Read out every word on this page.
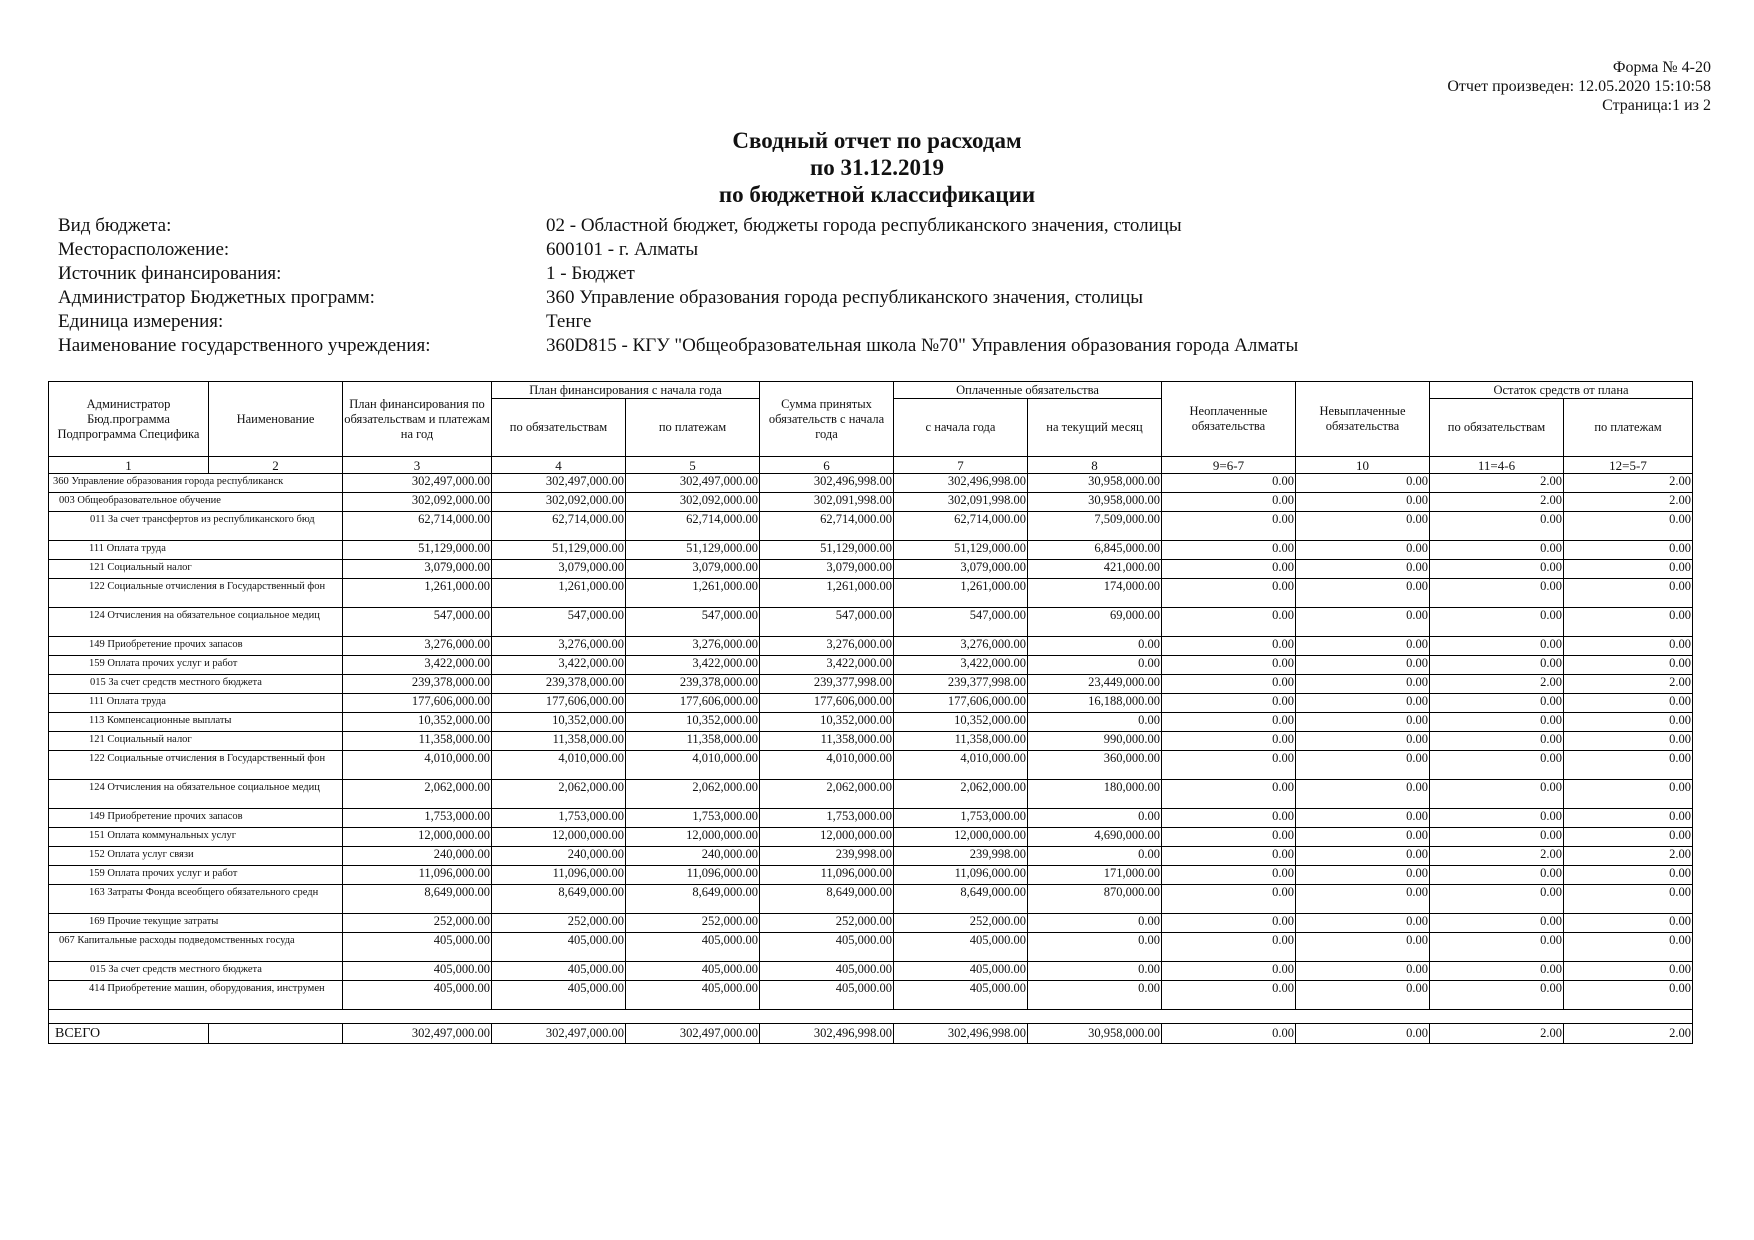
Форма № 4-20
Отчет произведен: 12.05.2020 15:10:58
Страница:1 из 2
Сводный отчет по расходам
по 31.12.2019
по бюджетной классификации
Вид бюджета:	02 - Областной бюджет, бюджеты города республиканского значения, столицы
Месторасположение:	600101 - г. Алматы
Источник финансирования:	1 - Бюджет
Администратор Бюджетных программ:	360 Управление образования города республиканского значения, столицы
Единица измерения:	Тенге
Наименование государственного учреждения:	360D815 - КГУ "Общеобразовательная школа №70" Управления образования города Алматы
Администратор Бюд.программа Подпрограмма Специфика	Наименование	План финансирования по обязательствам и платежам на год	План финансирования с начала года		Сумма принятых обязательств с начала года	Оплаченные обязательства		Неоплаченные обязательства	Невыплаченные обязательства	Остаток средств от плана	
			по обязательствам	по платежам		с начала года	на текущий месяц			по обязательствам	по платежам
1	2	3	4	5	6	7	8	9=6-7	10	11=4-6	12=5-7
360 Управление образования города республиканск		302,497,000.00	302,497,000.00	302,497,000.00	302,496,998.00	302,496,998.00	30,958,000.00	0.00	0.00	2.00	2.00
003 Общеобразовательное обучение		302,092,000.00	302,092,000.00	302,092,000.00	302,091,998.00	302,091,998.00	30,958,000.00	0.00	0.00	2.00	2.00
011 За счет трансфертов из республиканского бюд		62,714,000.00	62,714,000.00	62,714,000.00	62,714,000.00	62,714,000.00	7,509,000.00	0.00	0.00	0.00	0.00
111 Оплата труда		51,129,000.00	51,129,000.00	51,129,000.00	51,129,000.00	51,129,000.00	6,845,000.00	0.00	0.00	0.00	0.00
121 Социальный налог		3,079,000.00	3,079,000.00	3,079,000.00	3,079,000.00	3,079,000.00	421,000.00	0.00	0.00	0.00	0.00
122 Социальные отчисления в Государственный фон		1,261,000.00	1,261,000.00	1,261,000.00	1,261,000.00	1,261,000.00	174,000.00	0.00	0.00	0.00	0.00
124 Отчисления на обязательное социальное медиц		547,000.00	547,000.00	547,000.00	547,000.00	547,000.00	69,000.00	0.00	0.00	0.00	0.00
149 Приобретение прочих запасов		3,276,000.00	3,276,000.00	3,276,000.00	3,276,000.00	3,276,000.00	0.00	0.00	0.00	0.00	0.00
159 Оплата прочих услуг и работ		3,422,000.00	3,422,000.00	3,422,000.00	3,422,000.00	3,422,000.00	0.00	0.00	0.00	0.00	0.00
015 За счет средств местного бюджета		239,378,000.00	239,378,000.00	239,378,000.00	239,377,998.00	239,377,998.00	23,449,000.00	0.00	0.00	2.00	2.00
111 Оплата труда		177,606,000.00	177,606,000.00	177,606,000.00	177,606,000.00	177,606,000.00	16,188,000.00	0.00	0.00	0.00	0.00
113 Компенсационные выплаты		10,352,000.00	10,352,000.00	10,352,000.00	10,352,000.00	10,352,000.00	0.00	0.00	0.00	0.00	0.00
121 Социальный налог		11,358,000.00	11,358,000.00	11,358,000.00	11,358,000.00	11,358,000.00	990,000.00	0.00	0.00	0.00	0.00
122 Социальные отчисления в Государственный фон		4,010,000.00	4,010,000.00	4,010,000.00	4,010,000.00	4,010,000.00	360,000.00	0.00	0.00	0.00	0.00
124 Отчисления на обязательное социальное медиц		2,062,000.00	2,062,000.00	2,062,000.00	2,062,000.00	2,062,000.00	180,000.00	0.00	0.00	0.00	0.00
149 Приобретение прочих запасов		1,753,000.00	1,753,000.00	1,753,000.00	1,753,000.00	1,753,000.00	0.00	0.00	0.00	0.00	0.00
151 Оплата коммунальных услуг		12,000,000.00	12,000,000.00	12,000,000.00	12,000,000.00	12,000,000.00	4,690,000.00	0.00	0.00	0.00	0.00
152 Оплата услуг связи		240,000.00	240,000.00	240,000.00	239,998.00	239,998.00	0.00	0.00	0.00	2.00	2.00
159 Оплата прочих услуг и работ		11,096,000.00	11,096,000.00	11,096,000.00	11,096,000.00	11,096,000.00	171,000.00	0.00	0.00	0.00	0.00
163 Затраты Фонда всеобщего обязательного средн		8,649,000.00	8,649,000.00	8,649,000.00	8,649,000.00	8,649,000.00	870,000.00	0.00	0.00	0.00	0.00
169 Прочие текущие затраты		252,000.00	252,000.00	252,000.00	252,000.00	252,000.00	0.00	0.00	0.00	0.00	0.00
067 Капитальные расходы подведомственных госуда		405,000.00	405,000.00	405,000.00	405,000.00	405,000.00	0.00	0.00	0.00	0.00	0.00
015 За счет средств местного бюджета		405,000.00	405,000.00	405,000.00	405,000.00	405,000.00	0.00	0.00	0.00	0.00	0.00
414 Приобретение машин, оборудования, инструмен		405,000.00	405,000.00	405,000.00	405,000.00	405,000.00	0.00	0.00	0.00	0.00	0.00

ВСЕГО		302,497,000.00	302,497,000.00	302,497,000.00	302,496,998.00	302,496,998.00	30,958,000.00	0.00	0.00	2.00	2.00
